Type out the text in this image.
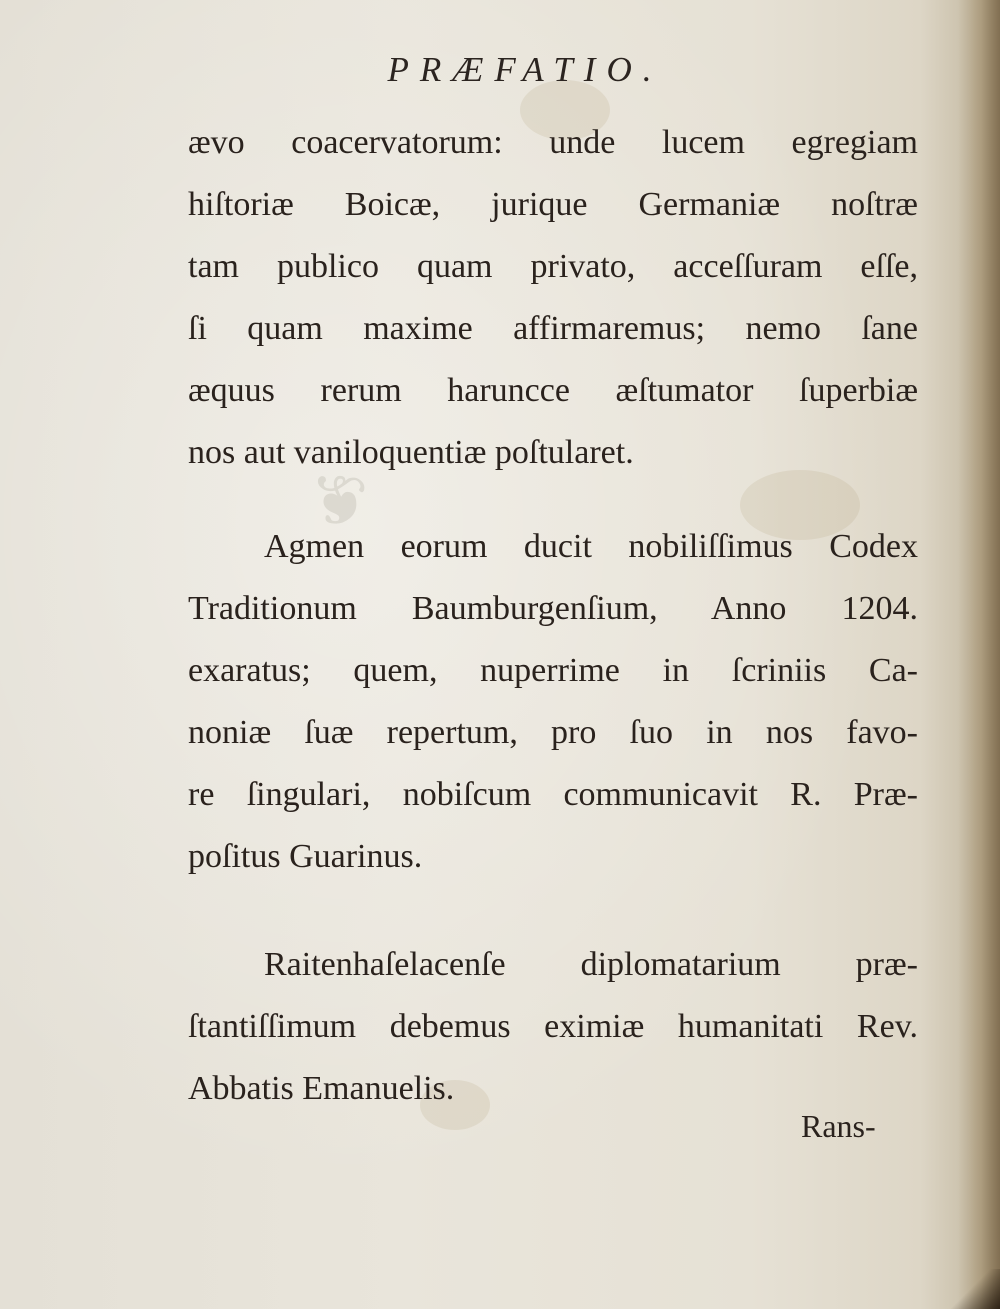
❦
PRÆFATIO.
ævo coacervatorum: unde lucem egregiam
hiſtoriæ Boicæ, jurique Germaniæ noſtræ
tam publico quam privato, acceſſuram eſſe,
ſi quam maxime affirmaremus; nemo ſane
æquus rerum haruncce æſtumator ſuperbiæ
nos aut vaniloquentiæ poſtularet.
Agmen eorum ducit nobiliſſimus Codex
Traditionum Baumburgenſium, Anno 1204.
exaratus; quem, nuperrime in ſcriniis Ca-
noniæ ſuæ repertum, pro ſuo in nos favo-
re ſingulari, nobiſcum communicavit R. Præ-
poſitus Guarinus.
Raitenhaſelacenſe diplomatarium præ-
ſtantiſſimum debemus eximiæ humanitati Rev.
Abbatis Emanuelis.
Rans-
